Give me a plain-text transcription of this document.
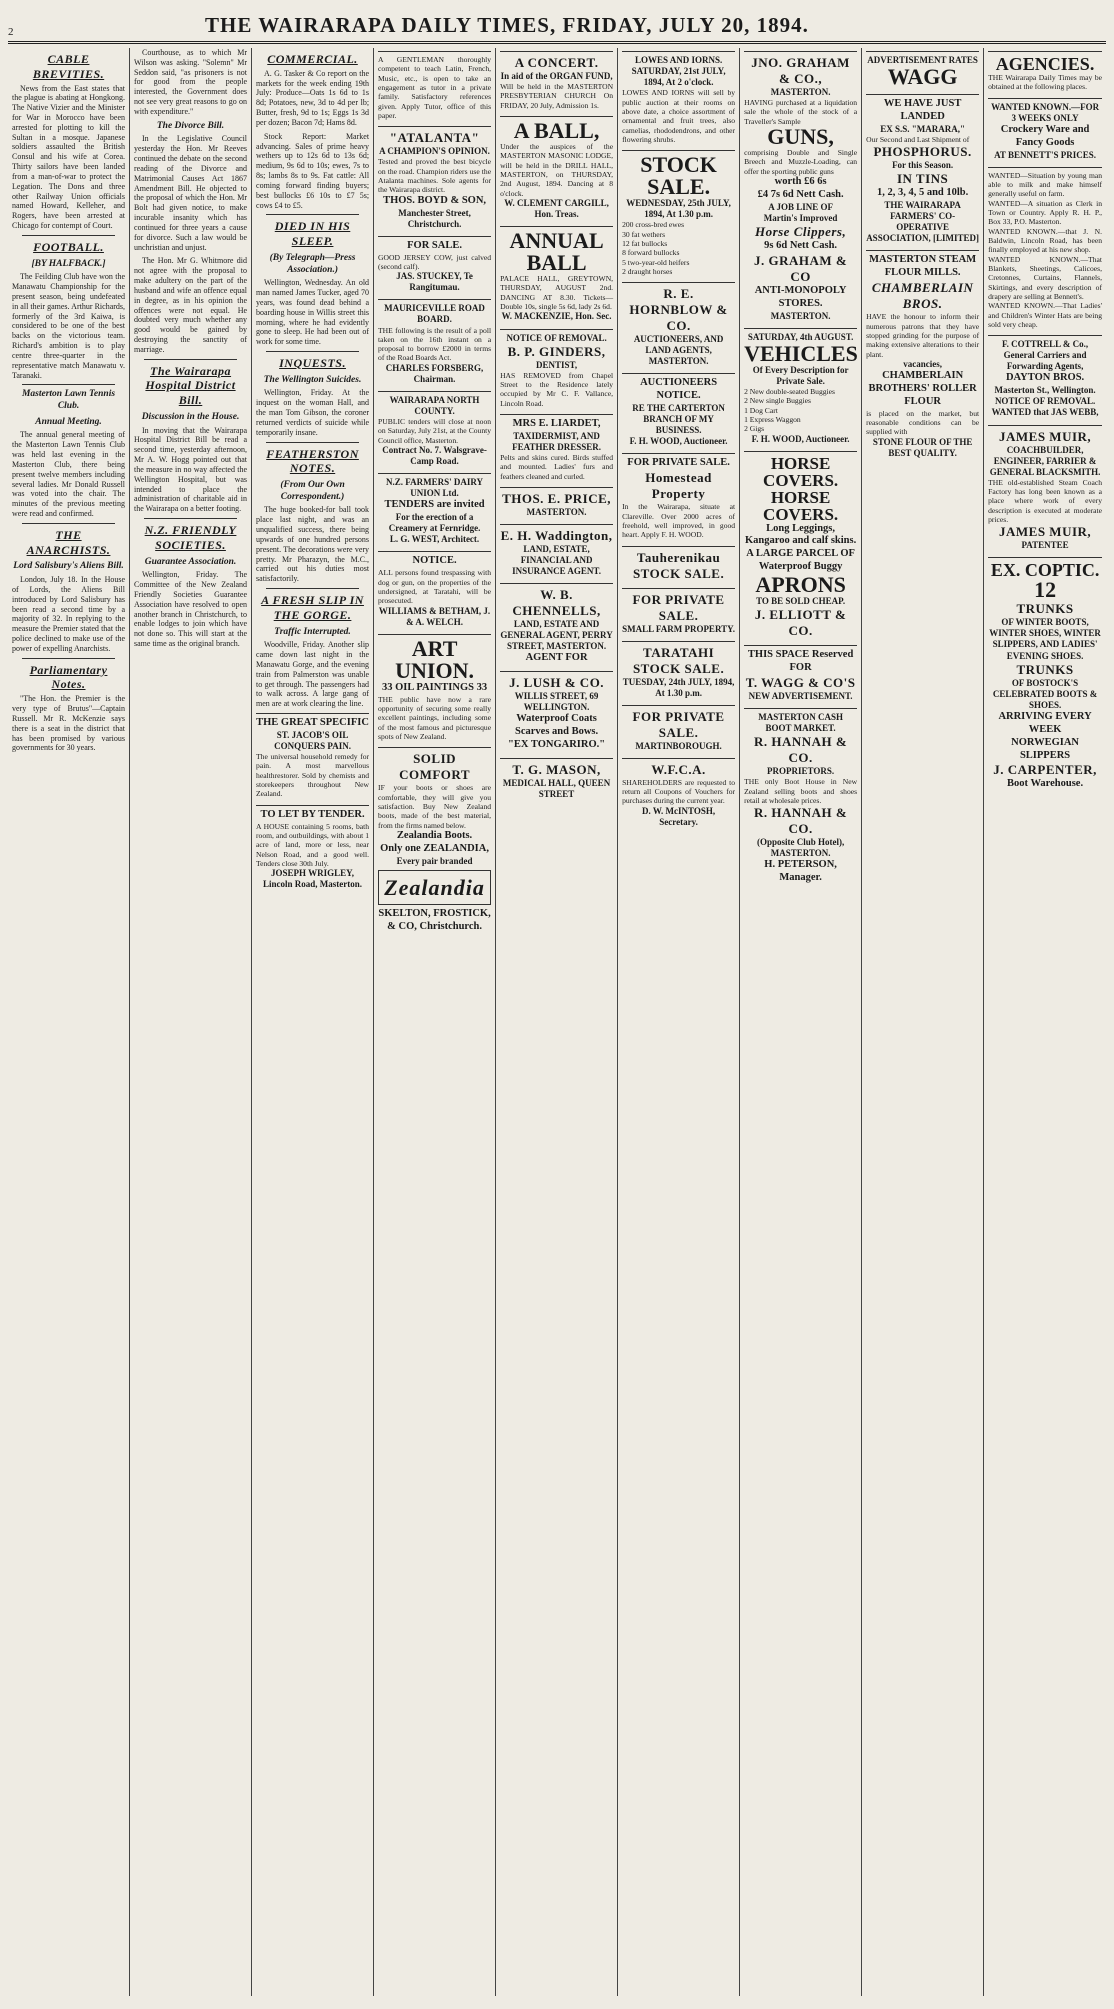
2	THE WAIRARAPA DAILY TIMES, FRIDAY, JULY 20, 1894.
CABLE BREVITIES.

News from the East states that the plague is abating at Hongkong. The Native Vizier and the Minister for War in Morocco have been arrested for plotting to kill the Sultan in a mosque. Japanese soldiers assaulted the British Consul and his wife at Corea. Thirty sailors have been landed from a man-of-war to protect the Legation. The Dons and three other Railway Union officials named Howard, Kelleher, and Rogers, have been arrested at Chicago for contempt of Court.

FOOTBALL.
[BY HALFBACK.]

The Feilding Club have won the Manawatu Championship for the present season, being undefeated in all their games. Arthur Richards, formerly of the 3rd Kaiwa, is considered to be one of the best backs on the victorious team. Richard's ambition is to play centre three-quarter in the representative match Manawatu v. Taranaki.

Masterton Lawn Tennis Club.
Annual Meeting.

The annual general meeting of the Masterton Lawn Tennis Club was held last evening in the Masterton Club, there being present twelve members including several ladies. Mr Donald Russell was voted into the chair. The minutes of the previous meeting were read and confirmed.

THE ANARCHISTS.
Lord Salisbury's Aliens Bill.

London, July 18. In the House of Lords, the Aliens Bill introduced by Lord Salisbury has been read a second time by a majority of 32. In replying to the measure the Premier stated that the police declined to make use of the power of expelling Anarchists.

Parliamentary Notes.

"The Hon. the Premier is the very type of Brutus"—Captain Russell. Mr R. McKenzie says there is a seat in the district that has been promised by various governments for 30 years.

Courthouse, as to which Mr Wilson was asking. "Solemn" Mr Seddon said, "as prisoners is not for good from the people interested, the Government does not see very great reasons to go on with expenditure."

The Divorce Bill.

In the Legislative Council yesterday the Hon. Mr Reeves continued the debate on the second reading of the Divorce and Matrimonial Causes Act 1867 Amendment Bill. He objected to the proposal of which the Hon. Mr Bolt had given notice, to make incurable insanity which has continued for three years a cause for divorce. Such a law would be unchristian and unjust.

The Hon. Mr G. Whitmore did not agree with the proposal to make adultery on the part of the husband and wife an offence equal in degree, as in his opinion the offences were not equal. He doubted very much whether any good would be gained by destroying the sanctity of marriage.

The Wairarapa Hospital District Bill.
Discussion in the House.

In moving that the Wairarapa Hospital District Bill be read a second time, yesterday afternoon, Mr A. W. Hogg pointed out that the measure in no way affected the Wellington Hospital, but was intended to place the administration of charitable aid in the Wairarapa on a better footing.

N.Z. FRIENDLY SOCIETIES.
Guarantee Association.

Wellington, Friday. The Committee of the New Zealand Friendly Societies Guarantee Association have resolved to open another branch in Christchurch, to enable lodges to join which have not done so. This will start at the same time as the original branch.

COMMERCIAL.

A. G. Tasker & Co report on the markets for the week ending 19th July: Produce—Oats 1s 6d to 1s 8d; Potatoes, new, 3d to 4d per lb; Butter, fresh, 9d to 1s; Eggs 1s 3d per dozen; Bacon 7d; Hams 8d.

Stock Report: Market advancing. Sales of prime heavy wethers up to 12s 6d to 13s 6d; medium, 9s 6d to 10s; ewes, 7s to 8s; lambs 8s to 9s. Fat cattle: All coming forward finding buyers; best bullocks £6 10s to £7 5s; cows £4 to £5.

DIED IN HIS SLEEP.
(By Telegraph—Press Association.)

Wellington, Wednesday. An old man named James Tucker, aged 70 years, was found dead behind a boarding house in Willis street this morning, where he had evidently gone to sleep. He had been out of work for some time.

INQUESTS.
The Wellington Suicides.

Wellington, Friday. At the inquest on the woman Hall, and the man Tom Gibson, the coroner returned verdicts of suicide while temporarily insane.

FEATHERSTON NOTES.
(From Our Own Correspondent.)

The huge booked-for ball took place last night, and was an unqualified success, there being upwards of one hundred persons present. The decorations were very pretty. Mr Pharazyn, the M.C., carried out his duties most satisfactorily.

A FRESH SLIP IN THE GORGE.
Traffic Interrupted.

Woodville, Friday. Another slip came down last night in the Manawatu Gorge, and the evening train from Palmerston was unable to get through. The passengers had to walk across. A large gang of men are at work clearing the line.

THE GREAT SPECIFIC
ST. JACOB'S OIL CONQUERS PAIN.
The universal household remedy for pain. A most marvellous healthrestorer. Sold by chemists and storekeepers throughout New Zealand.
TO LET BY TENDER.
A HOUSE containing 5 rooms, bath room, and outbuildings, with about 1 acre of land, more or less, near Nelson Road, and a good well. Tenders close 30th July.
JOSEPH WRIGLEY, Lincoln Road, Masterton.
A GENTLEMAN thoroughly competent to teach Latin, French, Music, etc., is open to take an engagement as tutor in a private family. Satisfactory references given. Apply Tutor, office of this paper.
"ATALANTA"
A CHAMPION'S OPINION.
Tested and proved the best bicycle on the road. Champion riders use the Atalanta machines. Sole agents for the Wairarapa district.
THOS. BOYD & SON,
Manchester Street, Christchurch.
FOR SALE.
GOOD JERSEY COW, just calved (second calf).
JAS. STUCKEY, Te Rangitumau.
MAURICEVILLE ROAD BOARD.
THE following is the result of a poll taken on the 16th instant on a proposal to borrow £2000 in terms of the Road Boards Act.
CHARLES FORSBERG, Chairman.
WAIRARAPA NORTH COUNTY.
PUBLIC tenders will close at noon on Saturday, July 21st, at the County Council office, Masterton.
Contract No. 7. Walsgrave-Camp Road.
N.Z. FARMERS' DAIRY UNION Ltd.
TENDERS are invited
For the erection of a Creamery at Fernridge.
L. G. WEST, Architect.
NOTICE.
ALL persons found trespassing with dog or gun, on the properties of the undersigned, at Taratahi, will be prosecuted.
WILLIAMS & BETHAM, J. & A. WELCH.
ART UNION.
33 OIL PAINTINGS 33
THE public have now a rare opportunity of securing some really excellent paintings, including some of the most famous and picturesque spots of New Zealand.
SOLID COMFORT
IF your boots or shoes are comfortable, they will give you satisfaction. Buy New Zealand boots, made of the best material, from the firms named below.
Zealandia Boots.
Only one ZEALANDIA,
Every pair branded
Zealandia
SKELTON, FROSTICK, & CO, Christchurch.
A CONCERT.
In aid of the ORGAN FUND,
Will be held in the MASTERTON PRESBYTERIAN CHURCH On FRIDAY, 20 July, Admission 1s.
A BALL,
Under the auspices of the MASTERTON MASONIC LODGE, will be held in the DRILL HALL, MASTERTON, on THURSDAY, 2nd August, 1894. Dancing at 8 o'clock.
W. CLEMENT CARGILL, Hon. Treas.
ANNUAL BALL
PALACE HALL, GREYTOWN, THURSDAY, AUGUST 2nd. DANCING AT 8.30. Tickets—Double 10s, single 5s 6d, lady 2s 6d.
W. MACKENZIE, Hon. Sec.
NOTICE OF REMOVAL.
B. P. GINDERS,
DENTIST,
HAS REMOVED from Chapel Street to the Residence lately occupied by Mr C. F. Vallance, Lincoln Road.
MRS E. LIARDET,
TAXIDERMIST, AND FEATHER DRESSER.
Pelts and skins cured. Birds stuffed and mounted. Ladies' furs and feathers cleaned and curled.
THOS. E. PRICE,
MASTERTON.
E. H. Waddington,
LAND, ESTATE, FINANCIAL AND INSURANCE AGENT.
W. B. CHENNELLS,
LAND, ESTATE AND GENERAL AGENT, PERRY STREET, MASTERTON.
AGENT FOR
J. LUSH & CO.
WILLIS STREET, 69 WELLINGTON.
Waterproof Coats
Scarves and Bows.
"EX TONGARIRO."
T. G. MASON,
MEDICAL HALL, QUEEN STREET
LOWES AND IORNS.
SATURDAY, 21st JULY, 1894, At 2 o'clock.
LOWES AND IORNS will sell by public auction at their rooms on above date, a choice assortment of ornamental and fruit trees, also camelias, rhododendrons, and other flowering shrubs.
STOCK SALE.
WEDNESDAY, 25th JULY, 1894, At 1.30 p.m.
200 cross-bred ewes
30 fat wethers
12 fat bullocks
8 forward bullocks
5 two-year-old heifers
2 draught horses
R. E. HORNBLOW & CO.
AUCTIONEERS, AND LAND AGENTS, MASTERTON.
AUCTIONEERS NOTICE.
RE THE CARTERTON BRANCH OF MY BUSINESS.
F. H. WOOD, Auctioneer.
FOR PRIVATE SALE.
Homestead Property
In the Wairarapa, situate at Clareville. Over 2000 acres of freehold, well improved, in good heart. Apply F. H. WOOD.
Tauherenikau STOCK SALE.
FOR PRIVATE SALE.
SMALL FARM PROPERTY.
TARATAHI STOCK SALE.
TUESDAY, 24th JULY, 1894, At 1.30 p.m.
FOR PRIVATE SALE.
MARTINBOROUGH.
W.F.C.A.
SHAREHOLDERS are requested to return all Coupons of Vouchers for purchases during the current year.
D. W. McINTOSH, Secretary.
JNO. GRAHAM & CO.,
MASTERTON.
HAVING purchased at a liquidation sale the whole of the stock of a Traveller's Sample
GUNS,
comprising Double and Single Breech and Muzzle-Loading, can offer the sporting public guns
worth £6 6s
£4 7s 6d Nett Cash.
A JOB LINE OF
Martin's Improved
Horse Clippers,
9s 6d Nett Cash.
J. GRAHAM & CO
ANTI-MONOPOLY STORES.
MASTERTON.
SATURDAY, 4th AUGUST.
VEHICLES
Of Every Description for Private Sale.
2 New double-seated Buggies
2 New single Buggies
1 Dog Cart
1 Express Waggon
2 Gigs
F. H. WOOD, Auctioneer.
HORSE COVERS.
HORSE COVERS.
Long Leggings, Kangaroo and calf skins.
A LARGE PARCEL OF Waterproof Buggy
APRONS
TO BE SOLD CHEAP.
J. ELLIOTT & CO.
THIS SPACE Reserved FOR
T. WAGG & CO'S
NEW ADVERTISEMENT.
MASTERTON CASH BOOT MARKET.
R. HANNAH & CO.
PROPRIETORS.
THE only Boot House in New Zealand selling boots and shoes retail at wholesale prices.
R. HANNAH & CO.
(Opposite Club Hotel), MASTERTON.
H. PETERSON, Manager.
ADVERTISEMENT RATES
WAGG
WE HAVE JUST LANDED
EX S.S. "MARARA,"
Our Second and Last Shipment of
PHOSPHORUS.
For this Season.
IN TINS
1, 2, 3, 4, 5 and 10lb.
THE WAIRARAPA FARMERS' CO-OPERATIVE ASSOCIATION, [LIMITED]
MASTERTON STEAM FLOUR MILLS.
CHAMBERLAIN BROS.
HAVE the honour to inform their numerous patrons that they have stopped grinding for the purpose of making extensive alterations to their plant.
vacancies,
CHAMBERLAIN BROTHERS' ROLLER FLOUR
is placed on the market, but reasonable conditions can be supplied with
STONE FLOUR OF THE BEST QUALITY.
AGENCIES.
THE Wairarapa Daily Times may be obtained at the following places.
WANTED KNOWN.—FOR 3 WEEKS ONLY
Crockery Ware and Fancy Goods
AT BENNETT'S PRICES.
WANTED—Situation by young man able to milk and make himself generally useful on farm.
WANTED—A situation as Clerk in Town or Country. Apply R. H. P., Box 33, P.O. Masterton.
WANTED KNOWN.—that J. N. Baldwin, Lincoln Road, has been finally employed at his new shop.
WANTED KNOWN.—That Blankets, Sheetings, Calicoes, Cretonnes, Curtains, Flannels, Skirtings, and every description of drapery are selling at Bennett's.
WANTED KNOWN.—That Ladies' and Children's Winter Hats are being sold very cheap.
F. COTTRELL & Co., General Carriers and Forwarding Agents,
DAYTON BROS.
Masterton St., Wellington.
NOTICE OF REMOVAL.
WANTED that JAS WEBB,
JAMES MUIR,
COACHBUILDER, ENGINEER, FARRIER & GENERAL BLACKSMITH.
THE old-established Steam Coach Factory has long been known as a place where work of every description is executed at moderate prices.
JAMES MUIR,
PATENTEE
EX. COPTIC.
12
TRUNKS
OF WINTER BOOTS, WINTER SHOES, WINTER SLIPPERS, AND LADIES' EVENING SHOES.
TRUNKS
OF BOSTOCK'S CELEBRATED BOOTS & SHOES.
ARRIVING EVERY WEEK
NORWEGIAN SLIPPERS
J. CARPENTER,
Boot Warehouse.
